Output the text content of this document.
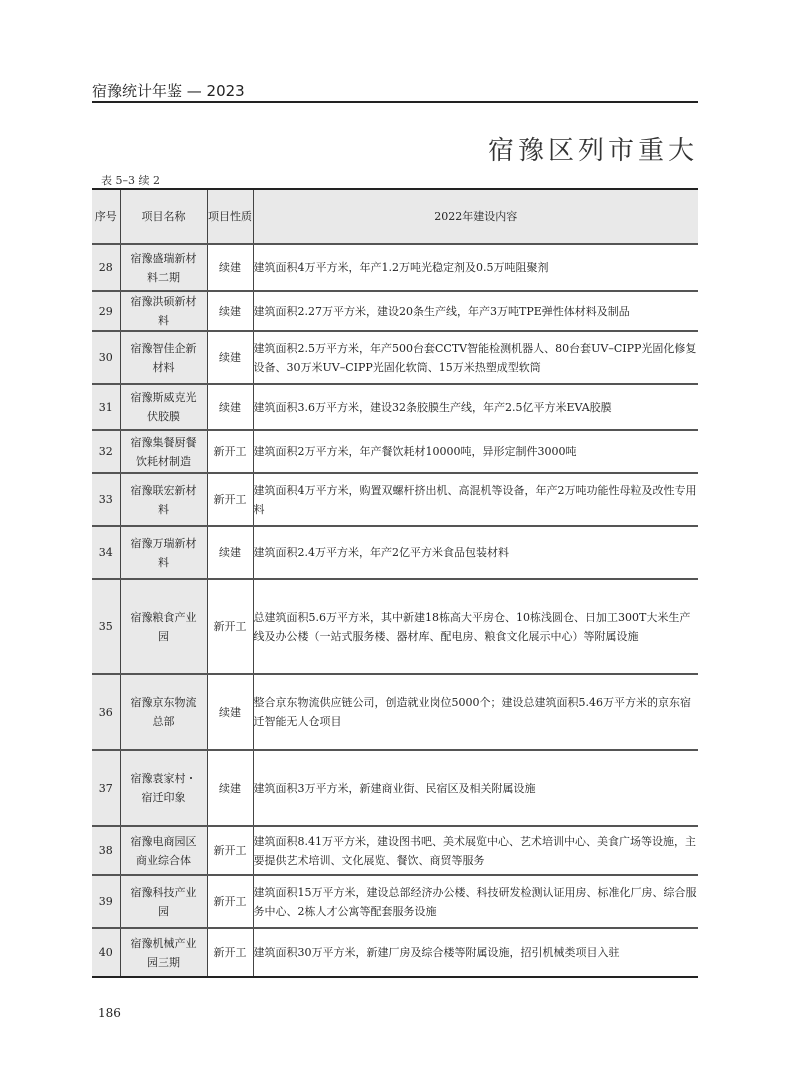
宿豫统计年鉴 — 2023
宿豫区列市重大
表 5–3 续 2
序号	项目名称	项目性质	2022年建设内容
28	宿豫盛瑞新材料二期	续建	建筑面积4万平方米，年产1.2万吨光稳定剂及0.5万吨阻聚剂
29	宿豫洪硕新材料	续建	建筑面积2.27万平方米，建设20条生产线，年产3万吨TPE弹性体材料及制品
30	宿豫智佳企新材料	续建	建筑面积2.5万平方米，年产500台套CCTV智能检测机器人、80台套UV–CIPP光固化修复设备、30万米UV–CIPP光固化软筒、15万米热塑成型软筒
31	宿豫斯威克光伏胶膜	续建	建筑面积3.6万平方米，建设32条胶膜生产线，年产2.5亿平方米EVA胶膜
32	宿豫集餐厨餐饮耗材制造	新开工	建筑面积2万平方米，年产餐饮耗材10000吨，异形定制件3000吨
33	宿豫联宏新材料	新开工	建筑面积4万平方米，购置双螺杆挤出机、高混机等设备，年产2万吨功能性母粒及改性专用料
34	宿豫万瑞新材料	续建	建筑面积2.4万平方米，年产2亿平方米食品包装材料
35	宿豫粮食产业园	新开工	总建筑面积5.6万平方米，其中新建18栋高大平房仓、10栋浅圆仓、日加工300T大米生产线及办公楼（一站式服务楼、器材库、配电房、粮食文化展示中心）等附属设施
36	宿豫京东物流总部	续建	整合京东物流供应链公司，创造就业岗位5000个；建设总建筑面积5.46万平方米的京东宿迁智能无人仓项目
37	宿豫袁家村・宿迁印象	续建	建筑面积3万平方米，新建商业街、民宿区及相关附属设施
38	宿豫电商园区商业综合体	新开工	建筑面积8.41万平方米，建设图书吧、美术展览中心、艺术培训中心、美食广场等设施，主要提供艺术培训、文化展览、餐饮、商贸等服务
39	宿豫科技产业园	新开工	建筑面积15万平方米，建设总部经济办公楼、科技研发检测认证用房、标准化厂房、综合服务中心、2栋人才公寓等配套服务设施
40	宿豫机械产业园三期	新开工	建筑面积30万平方米，新建厂房及综合楼等附属设施，招引机械类项目入驻
186
